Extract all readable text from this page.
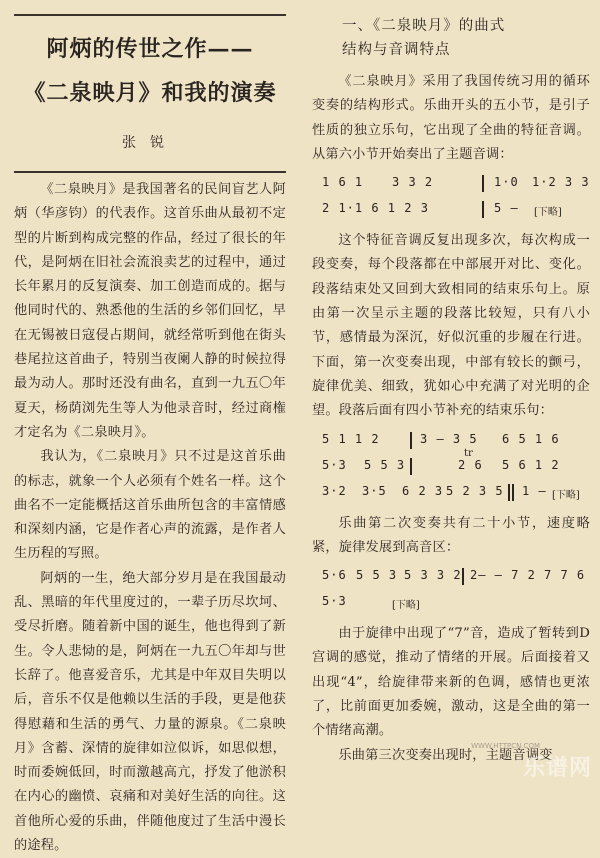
阿炳的传世之作——
《二泉映月》和我的演奏
张锐

《二泉映月》是我国著名的民间盲艺人阿炳（华彦钧）的代表作。这首乐曲从最初不定型的片断到构成完整的作品，经过了很长的年代，是阿炳在旧社会流浪卖艺的过程中，通过长年累月的反复演奏、加工创造而成的。据与他同时代的、熟悉他的生活的乡邻们回忆，早在无锡被日寇侵占期间，就经常听到他在街头巷尾拉这首曲子，特别当夜阑人静的时候拉得最为动人。那时还没有曲名，直到一九五〇年夏天，杨荫浏先生等人为他录音时，经过商権才定名为《二泉映月》。

我认为，《二泉映月》只不过是这首乐曲的标志，就象一个人必须有个姓名一样。这个曲名不一定能概括这首乐曲所包含的丰富情感和深刻内涵，它是作者心声的流露，是作者人生历程的写照。

阿炳的一生，绝大部分岁月是在我国最动乱、黑暗的年代里度过的，一辈子历尽坎坷、受尽折磨。随着新中国的诞生，他也得到了新生。令人悲恸的是，阿炳在一九五〇年却与世长辞了。他喜爱音乐，尤其是中年双目失明以后，音乐不仅是他赖以生活的手段，更是他获得慰藉和生活的勇气、力量的源泉。《二泉映月》含蓄、深情的旋律如泣似诉，如思似想，时而委婉低回，时而激越高亢，抒发了他淤积在内心的幽愤、哀痛和对美好生活的向往。这首他所心爱的乐曲，伴随他度过了生活中漫长的途程。

一、《二泉映月》的曲式
结构与音调特点

《二泉映月》采用了我国传统习用的循环变奏的结构形式。乐曲开头的五小节，是引子性质的独立乐句，它出现了全曲的特征音调。从第六小节开始奏出了主题音调：

1 6 1 3 3 2	1·0 1·2 3 3
2 1·1 6 1 2 3	5 — [下略]

这个特征音调反复出现多次，每次构成一段变奏，每个段落都在中部展开对比、变化。段落结束处又回到大致相同的结束乐句上。原由第一次呈示主题的段落比较短，只有八小节，感情最为深沉，好似沉重的步履在行进。下面，第一次变奏出现，中部有较长的颤弓，旋律优美、细致，犹如心中充满了对光明的企望。段落后面有四小节补充的结束乐句：

5 1 1 2	3 — 3 5 6 5 1 6
tr
5·3 5 5 3	2 6 5 6 1 2
3·2 3·5 6 2 3 5 2 3 5 1 — [下略]

乐曲第二次变奏共有二十小节，速度略紧，旋律发展到高音区：

5·6 5 5 3 5 3 3 2 2— — 7 2 7 7 6
5·3	[下略]

由于旋律中出现了“7”音，造成了暂转到D宫调的感觉，推动了情绪的开展。后面接着又出现“4”，给旋律带来新的色调，感情也更浓了，比前面更加委婉，激动，这是全曲的第一个情绪高潮。

乐曲第三次变奏出现时，主题音调变

WWW.HTTPCN.COM
乐谱网
